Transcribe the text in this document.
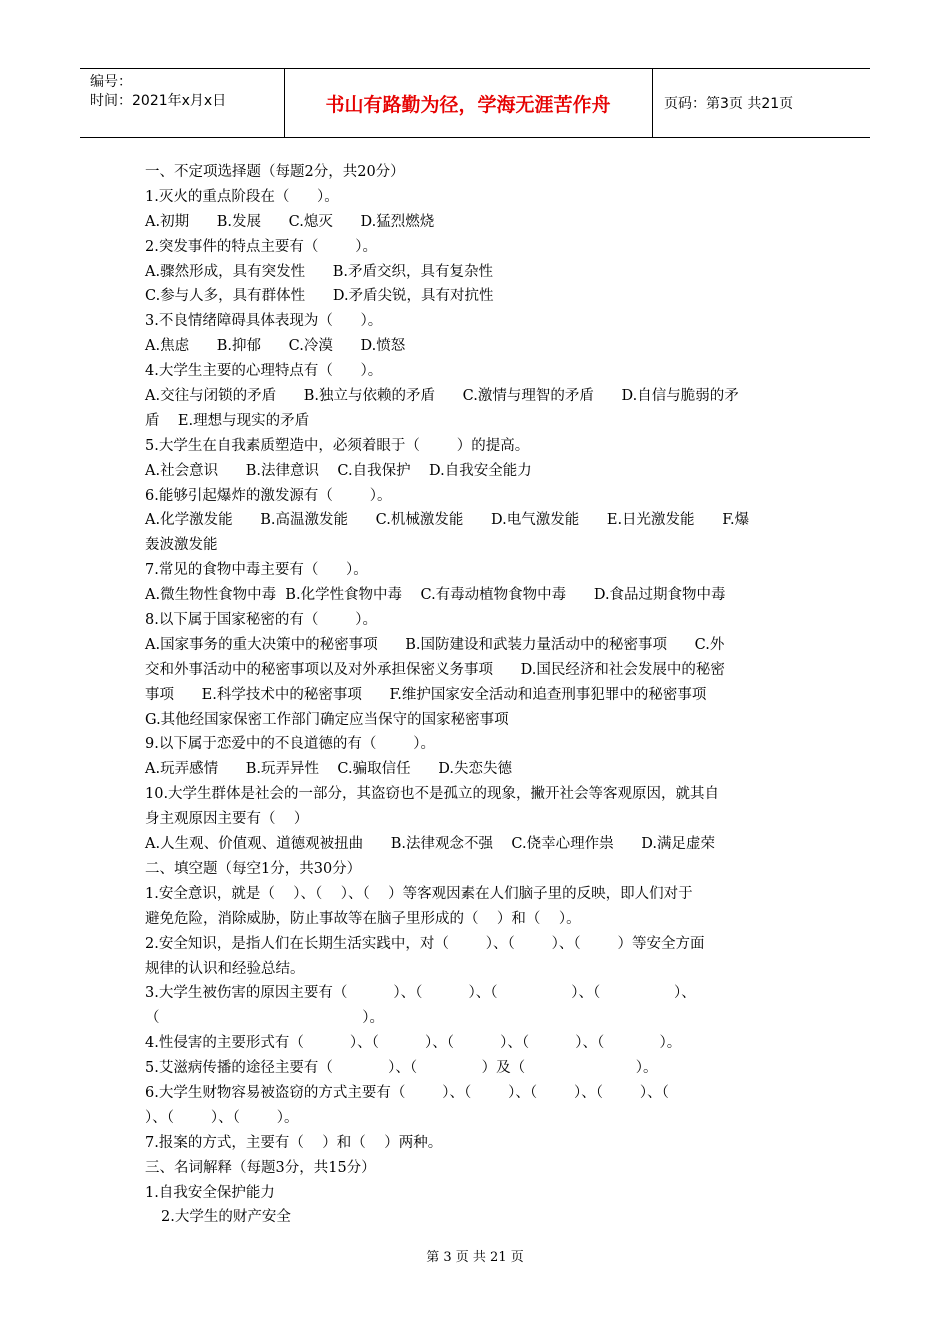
编号：
时间：2021年x月x日	书山有路勤为径，学海无涯苦作舟	页码：第3页 共21页
一、不定项选择题（每题2分，共20分）
1.灭火的重点阶段在（      ）。
A.初期      B.发展      C.熄灭      D.猛烈燃烧
2.突发事件的特点主要有（        ）。
A.骤然形成，具有突发性      B.矛盾交织，具有复杂性
C.参与人多，具有群体性      D.矛盾尖锐，具有对抗性
3.不良情绪障碍具体表现为（      ）。
A.焦虑      B.抑郁      C.冷漠      D.愤怒
4.大学生主要的心理特点有（      ）。
A.交往与闭锁的矛盾      B.独立与依赖的矛盾      C.激情与理智的矛盾      D.自信与脆弱的矛
盾    E.理想与现实的矛盾
5.大学生在自我素质塑造中，必须着眼于（        ）的提高。
A.社会意识      B.法律意识    C.自我保护    D.自我安全能力
6.能够引起爆炸的激发源有（        ）。
A.化学激发能      B.高温激发能      C.机械激发能      D.电气激发能      E.日光激发能      F.爆
轰波激发能
7.常见的食物中毒主要有（      ）。
A.微生物性食物中毒  B.化学性食物中毒    C.有毒动植物食物中毒      D.食品过期食物中毒
8.以下属于国家秘密的有（        ）。
A.国家事务的重大决策中的秘密事项      B.国防建设和武装力量活动中的秘密事项      C.外
交和外事活动中的秘密事项以及对外承担保密义务事项      D.国民经济和社会发展中的秘密
事项      E.科学技术中的秘密事项      F.维护国家安全活动和追查刑事犯罪中的秘密事项
G.其他经国家保密工作部门确定应当保守的国家秘密事项
9.以下属于恋爱中的不良道德的有（        ）。
A.玩弄感情      B.玩弄异性    C.骗取信任      D.失恋失德
10.大学生群体是社会的一部分，其盗窃也不是孤立的现象，撇开社会等客观原因，就其自
身主观原因主要有（    ）
A.人生观、价值观、道德观被扭曲      B.法律观念不强    C.侥幸心理作祟      D.满足虚荣
二、填空题（每空1分，共30分）
1.安全意识，就是（    ）、（    ）、（    ）等客观因素在人们脑子里的反映，即人们对于
避免危险，消除威胁，防止事故等在脑子里形成的（    ）和（    ）。
2.安全知识，是指人们在长期生活实践中，对（        ）、（        ）、（        ）等安全方面
规律的认识和经验总结。
3.大学生被伤害的原因主要有（          ）、（          ）、（                ）、（                ）、
（                                            ）。
4.性侵害的主要形式有（          ）、（          ）、（          ）、（          ）、（            ）。
5.艾滋病传播的途径主要有（            ）、（              ）及（                        ）。
6.大学生财物容易被盗窃的方式主要有（        ）、（        ）、（        ）、（        ）、（
）、（        ）、（        ）。
7.报案的方式，主要有（    ）和（    ）两种。
三、名词解释（每题3分，共15分）
1.自我安全保护能力
2.大学生的财产安全
第 3 页 共 21 页
